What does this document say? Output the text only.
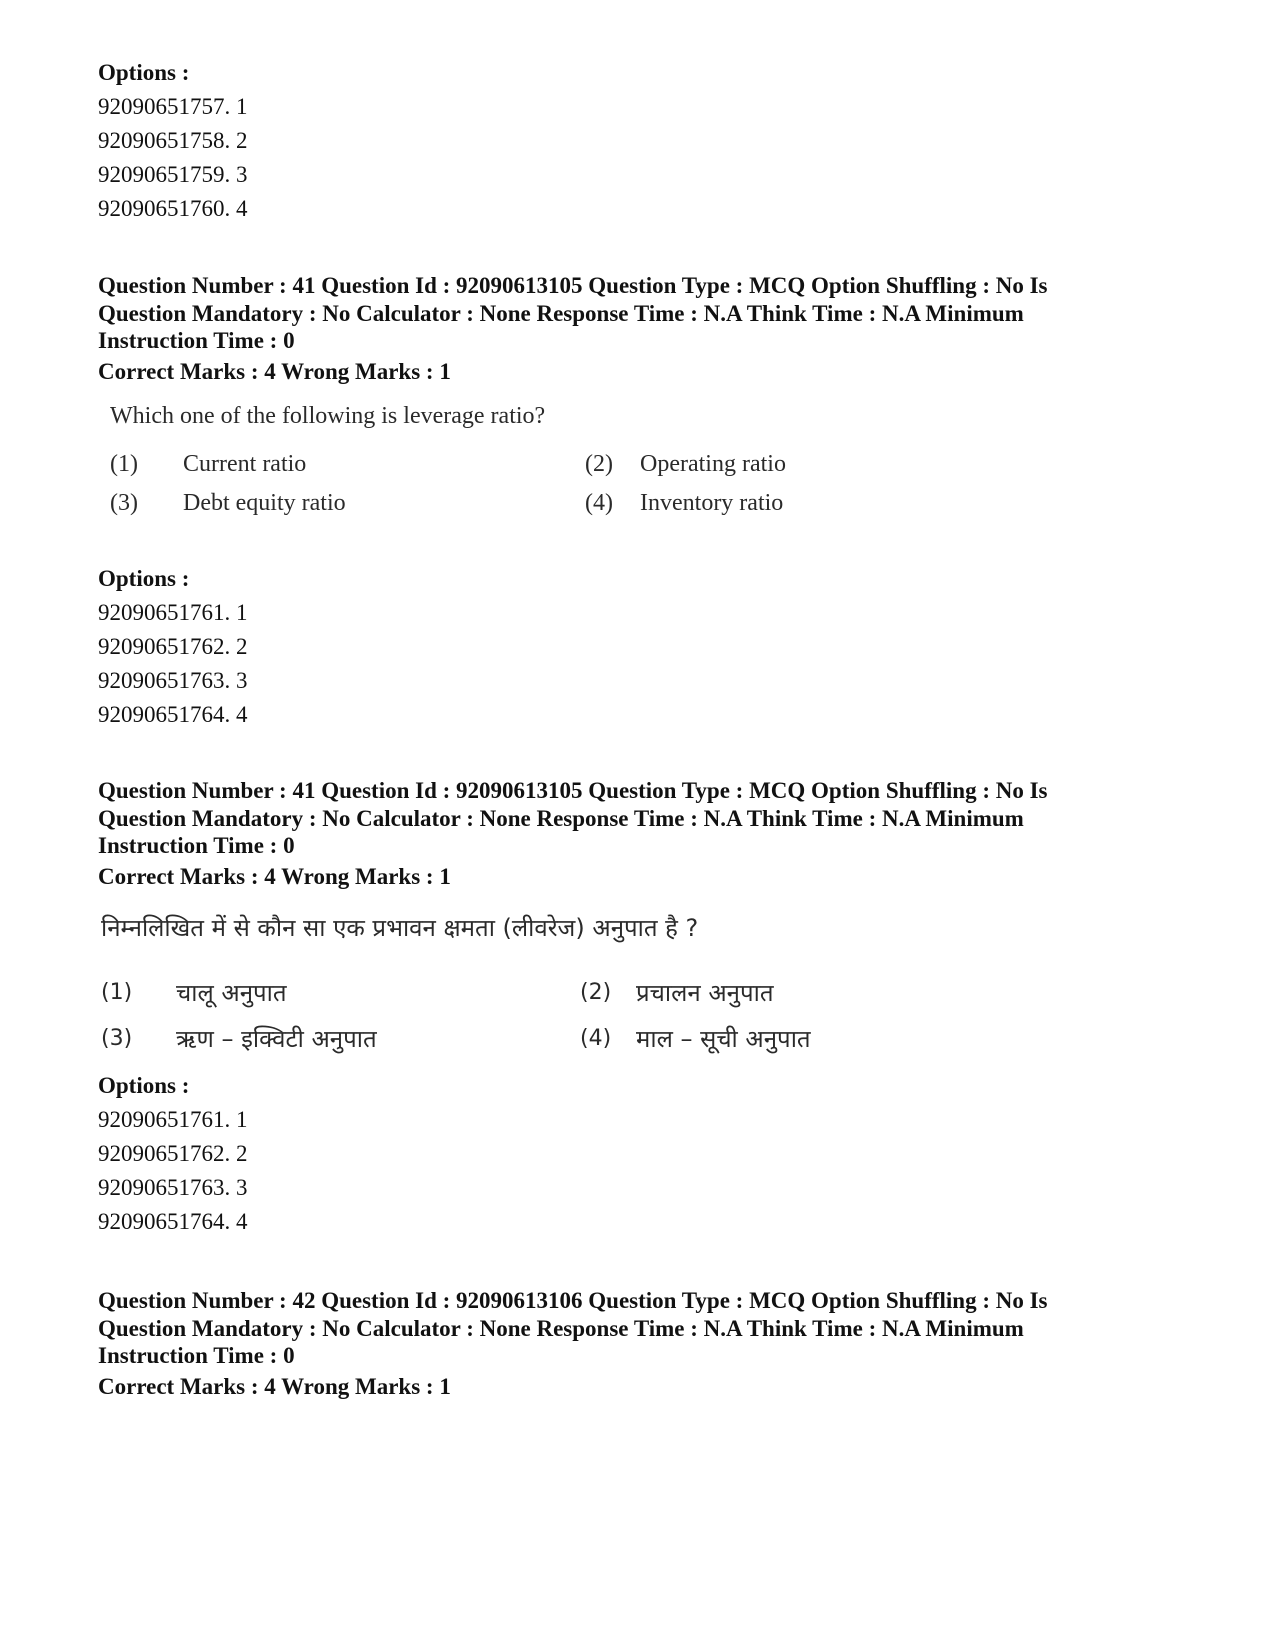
Options :
92090651757. 1
92090651758. 2
92090651759. 3
92090651760. 4
Question Number : 41 Question Id : 92090613105 Question Type : MCQ Option Shuffling : No Is
Question Mandatory : No Calculator : None Response Time : N.A Think Time : N.A Minimum
Instruction Time : 0
Correct Marks : 4 Wrong Marks : 1
Which one of the following is leverage ratio?
(1) Current ratio	(2) Operating ratio
(3) Debt equity ratio	(4) Inventory ratio
Options :
92090651761. 1
92090651762. 2
92090651763. 3
92090651764. 4
Question Number : 41 Question Id : 92090613105 Question Type : MCQ Option Shuffling : No Is
Question Mandatory : No Calculator : None Response Time : N.A Think Time : N.A Minimum
Instruction Time : 0
Correct Marks : 4 Wrong Marks : 1
निम्नलिखित में से कौन सा एक प्रभावन क्षमता (लीवरेज) अनुपात है ?
(1) चालू अनुपात	(2) प्रचालन अनुपात
(3) ऋण – इक्विटी अनुपात	(4) माल – सूची अनुपात
Options :
92090651761. 1
92090651762. 2
92090651763. 3
92090651764. 4
Question Number : 42 Question Id : 92090613106 Question Type : MCQ Option Shuffling : No Is
Question Mandatory : No Calculator : None Response Time : N.A Think Time : N.A Minimum
Instruction Time : 0
Correct Marks : 4 Wrong Marks : 1
